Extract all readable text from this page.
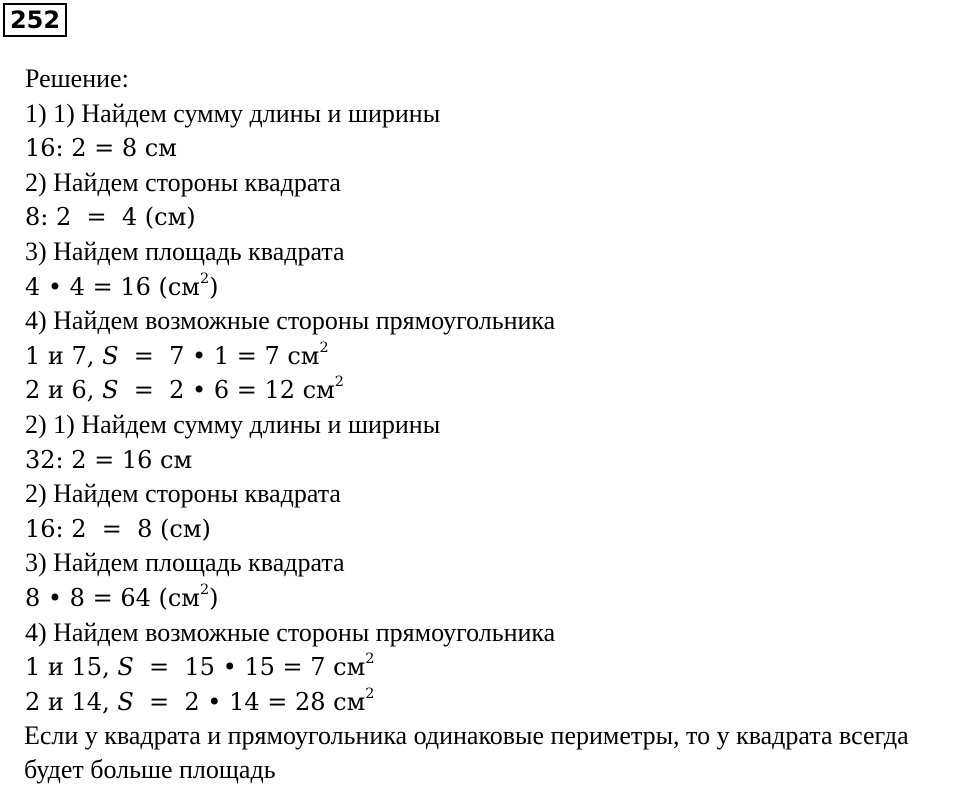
252
Решение:
1) 1) Найдем сумму длины и ширины
16: 2 = 8 см
2) Найдем стороны квадрата
8: 2  =  4 (см)
3) Найдем площадь квадрата
4 • 4 = 16 $(см^2)$
4) Найдем возможные стороны прямоугольника
1 и 7, S  =  7 • 1 = 7 $см^2$
2 и 6, S  =  2 • 6 = 12 $см^2$
2) 1) Найдем сумму длины и ширины
32: 2 = 16 см
2) Найдем стороны квадрата
16: 2  =  8 (см)
3) Найдем площадь квадрата
8 • 8 = 64 $(см^2)$
4) Найдем возможные стороны прямоугольника
1 и 15, S  =  15 • 15 = 7 $см^2$
2 и 14, S  =  2 • 14 = 28 $см^2$
Если у квадрата и прямоугольника одинаковые периметры, то у квадрата всегда будет больше площадь
